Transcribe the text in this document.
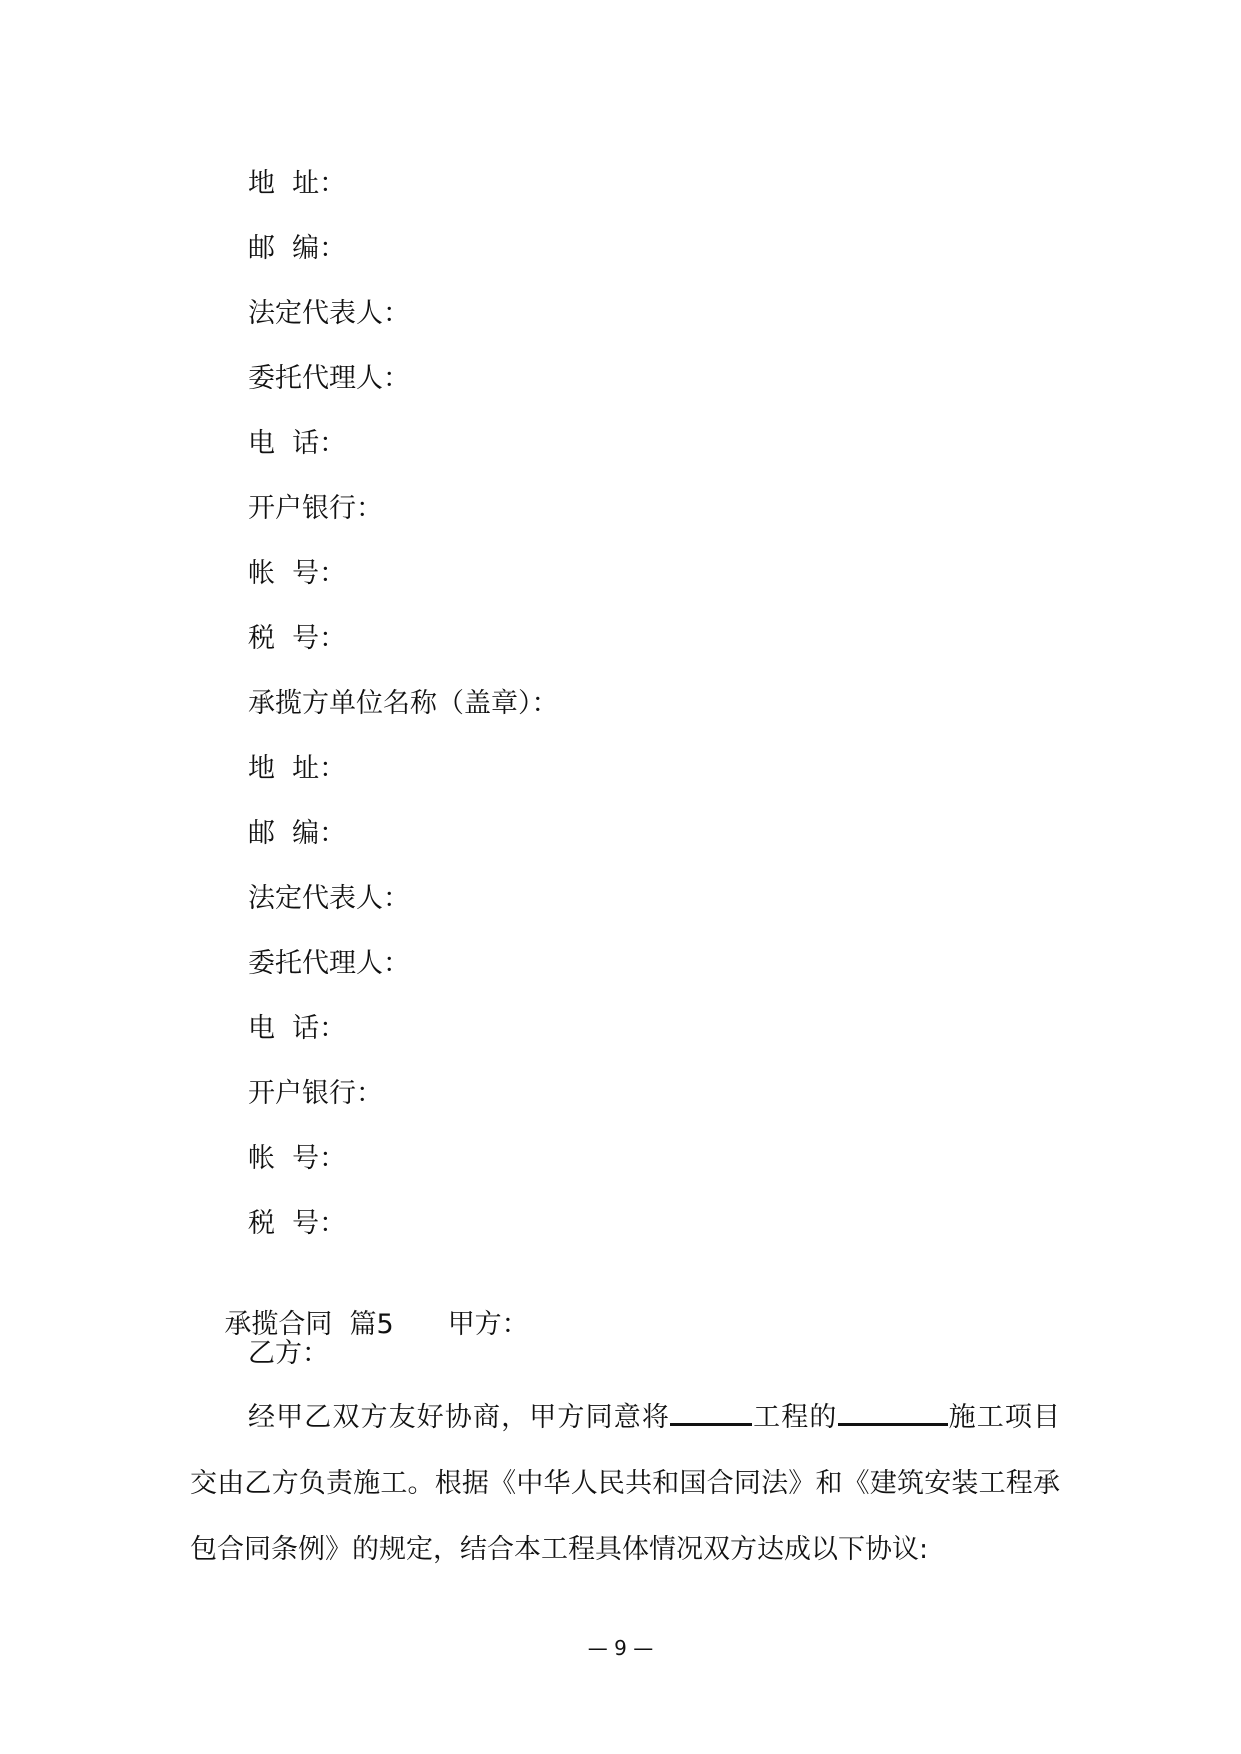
地  址：
邮  编：
法定代表人：
委托代理人：
电  话：
开户银行：
帐  号：
税  号：
承揽方单位名称（盖章）：
地  址：
邮  编：
法定代表人：
委托代理人：
电  话：
开户银行：
帐  号：
税  号：

承揽合同  篇5 甲方：

乙方：
经甲乙双方友好协商，甲方同意将	工程的	施工项目交由乙方负责施工。根据《中华人民共和国合同法》和《建筑安装工程承包合同条例》的规定，结合本工程具体情况双方达成以下协议:
— 9 —
